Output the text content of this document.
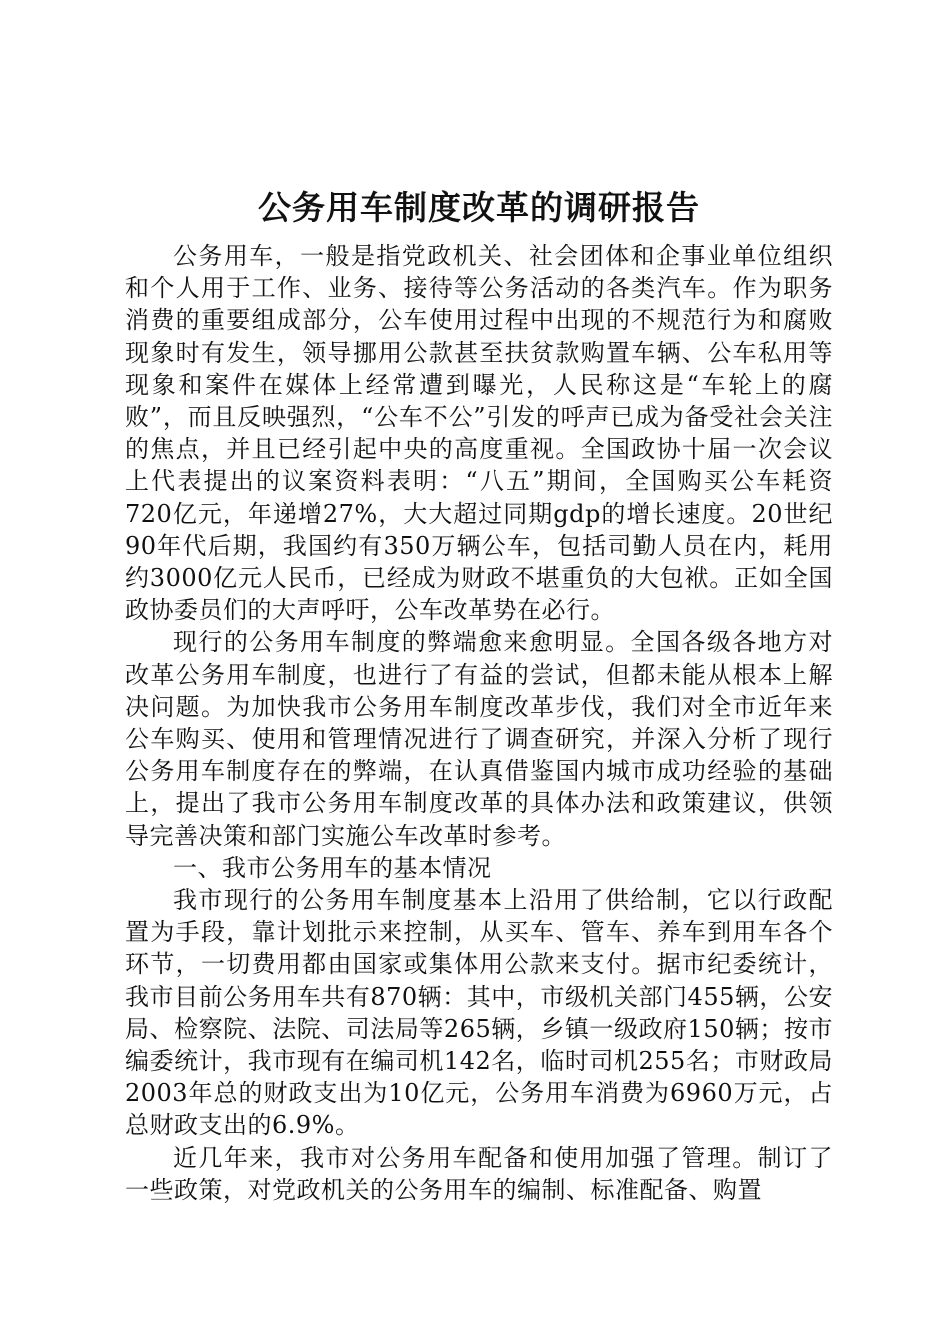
公务用车制度改革的调研报告

公务用车，一般是指党政机关、社会团体和企事业单位组织和个人用于工作、业务、接待等公务活动的各类汽车。作为职务消费的重要组成部分，公车使用过程中出现的不规范行为和腐败现象时有发生，领导挪用公款甚至扶贫款购置车辆、公车私用等现象和案件在媒体上经常遭到曝光，人民称这是“车轮上的腐败”，而且反映强烈，“公车不公”引发的呼声已成为备受社会关注的焦点，并且已经引起中央的高度重视。全国政协十届一次会议上代表提出的议案资料表明：“八五”期间，全国购买公车耗资720亿元，年递增27%，大大超过同期gdp的增长速度。20世纪90年代后期，我国约有350万辆公车，包括司勤人员在内，耗用约3000亿元人民币，已经成为财政不堪重负的大包袱。正如全国政协委员们的大声呼吁，公车改革势在必行。

现行的公务用车制度的弊端愈来愈明显。全国各级各地方对改革公务用车制度，也进行了有益的尝试，但都未能从根本上解决问题。为加快我市公务用车制度改革步伐，我们对全市近年来公车购买、使用和管理情况进行了调查研究，并深入分析了现行公务用车制度存在的弊端，在认真借鉴国内城市成功经验的基础上，提出了我市公务用车制度改革的具体办法和政策建议，供领导完善决策和部门实施公车改革时参考。

一、我市公务用车的基本情况

我市现行的公务用车制度基本上沿用了供给制，它以行政配置为手段，靠计划批示来控制，从买车、管车、养车到用车各个环节，一切费用都由国家或集体用公款来支付。据市纪委统计，我市目前公务用车共有870辆：其中，市级机关部门455辆，公安局、检察院、法院、司法局等265辆，乡镇一级政府150辆；按市编委统计，我市现有在编司机142名，临时司机255名；市财政局2003年总的财政支出为10亿元，公务用车消费为6960万元，占总财政支出的6.9%。

近几年来，我市对公务用车配备和使用加强了管理。制订了一些政策，对党政机关的公务用车的编制、标准配备、购置
